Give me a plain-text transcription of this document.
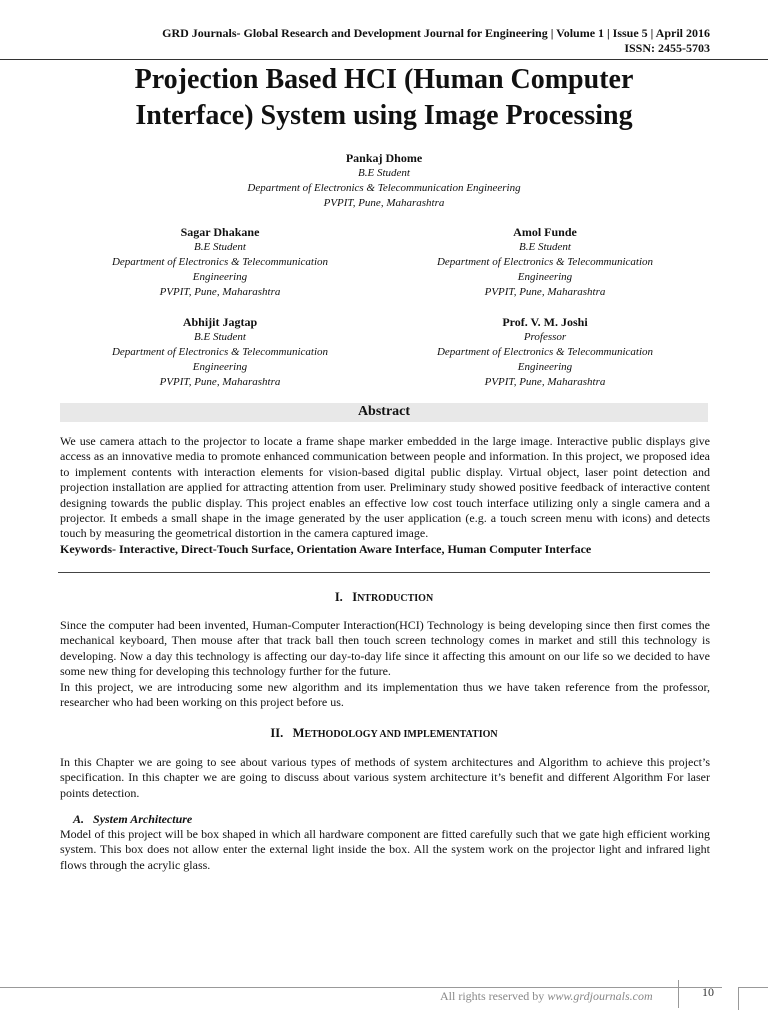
GRD Journals- Global Research and Development Journal for Engineering | Volume 1 | Issue 5 | April 2016
ISSN: 2455-5703
Projection Based HCI (Human Computer
Interface) System using Image Processing
Pankaj Dhome
B.E Student
Department of Electronics & Telecommunication Engineering
PVPIT, Pune, Maharashtra
Sagar Dhakane
B.E Student
Department of Electronics & Telecommunication
Engineering
PVPIT, Pune, Maharashtra
Amol Funde
B.E Student
Department of Electronics & Telecommunication
Engineering
PVPIT, Pune, Maharashtra
Abhijit Jagtap
B.E Student
Department of Electronics & Telecommunication
Engineering
PVPIT, Pune, Maharashtra
Prof. V. M. Joshi
Professor
Department of Electronics & Telecommunication
Engineering
PVPIT, Pune, Maharashtra
Abstract

We use camera attach to the projector to locate a frame shape marker embedded in the large image. Interactive public displays give access as an innovative media to promote enhanced communication between people and information. In this project, we proposed idea to implement contents with interaction elements for vision-based digital public display. Virtual object, laser point detection and projection installation are applied for attracting attention from user. Preliminary study showed positive feedback of interactive content designing towards the public display. This project enables an effective low cost touch interface utilizing only a single camera and a projector. It embeds a small shape in the image generated by the user application (e.g. a touch screen menu with icons) and detects touch by measuring the geometrical distortion in the camera captured image.

Keywords- Interactive, Direct-Touch Surface, Orientation Aware Interface, Human Computer Interface

I. INTRODUCTION

Since the computer had been invented, Human-Computer Interaction(HCI) Technology is being developing since then first comes the mechanical keyboard, Then mouse after that track ball then touch screen technology comes in market and still this technology is developing. Now a day this technology is affecting our day-to-day life since it affecting this amount on our life so we decided to have some new thing for developing this technology further for the future.

In this project, we are introducing some new algorithm and its implementation thus we have taken reference from the professor, researcher who had been working on this project before us.

II. METHODOLOGY AND IMPLEMENTATION

In this Chapter we are going to see about various types of methods of system architectures and Algorithm to achieve this project’s specification. In this chapter we are going to discuss about various system architecture it’s benefit and different Algorithm For laser points detection.

A. System Architecture

Model of this project will be box shaped in which all hardware component are fitted carefully such that we gate high efficient working system. This box does not allow enter the external light inside the box. All the system work on the projector light and infrared light flows through the acrylic glass.

All rights reserved by www.grdjournals.com	10
